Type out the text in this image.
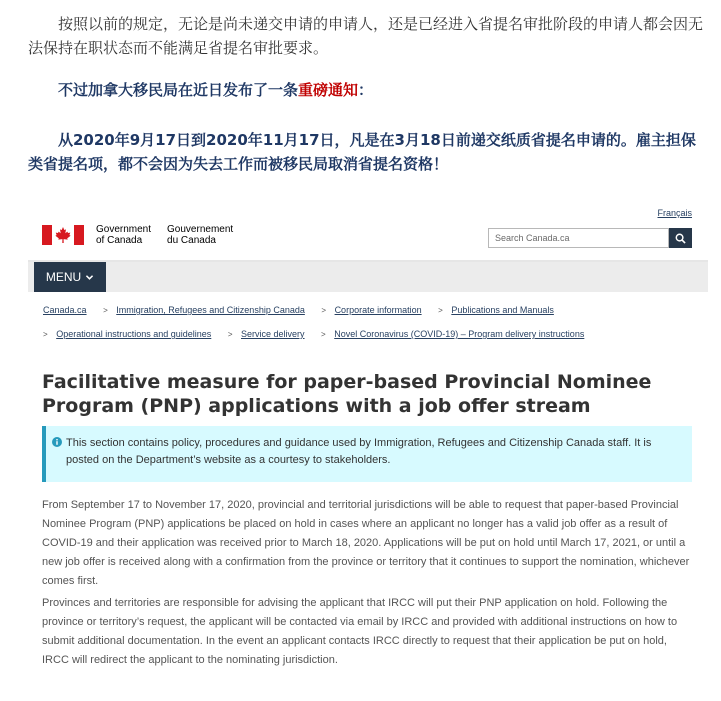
按照以前的规定，无论是尚未递交申请的申请人，还是已经进入省提名审批阶段的申请人都会因无法保持在职状态而不能满足省提名审批要求。
不过加拿大移民局在近日发布了一条重磅通知：
从2020年9月17日到2020年11月17日，凡是在3月18日前递交纸质省提名申请的。雇主担保类省提名项，都不会因为失去工作而被移民局取消省提名资格！
Français
Government
of Canada
Gouvernement
du Canada
Search Canada.ca
MENU
Canada.ca > Immigration, Refugees and Citizenship Canada > Corporate information > Publications and Manuals
> Operational instructions and guidelines > Service delivery > Novel Coronavirus (COVID-19) – Program delivery instructions
Facilitative measure for paper-based Provincial Nominee Program (PNP) applications with a job offer stream
This section contains policy, procedures and guidance used by Immigration, Refugees and Citizenship Canada staff. It is posted on the Department’s website as a courtesy to stakeholders.

From September 17 to November 17, 2020, provincial and territorial jurisdictions will be able to request that paper-based Provincial Nominee Program (PNP) applications be placed on hold in cases where an applicant no longer has a valid job offer as a result of COVID-19 and their application was received prior to March 18, 2020. Applications will be put on hold until March 17, 2021, or until a new job offer is received along with a confirmation from the province or territory that it continues to support the nomination, whichever comes first.

Provinces and territories are responsible for advising the applicant that IRCC will put their PNP application on hold. Following the province or territory’s request, the applicant will be contacted via email by IRCC and provided with additional instructions on how to submit additional documentation. In the event an applicant contacts IRCC directly to request that their application be put on hold, IRCC will redirect the applicant to the nominating jurisdiction.
